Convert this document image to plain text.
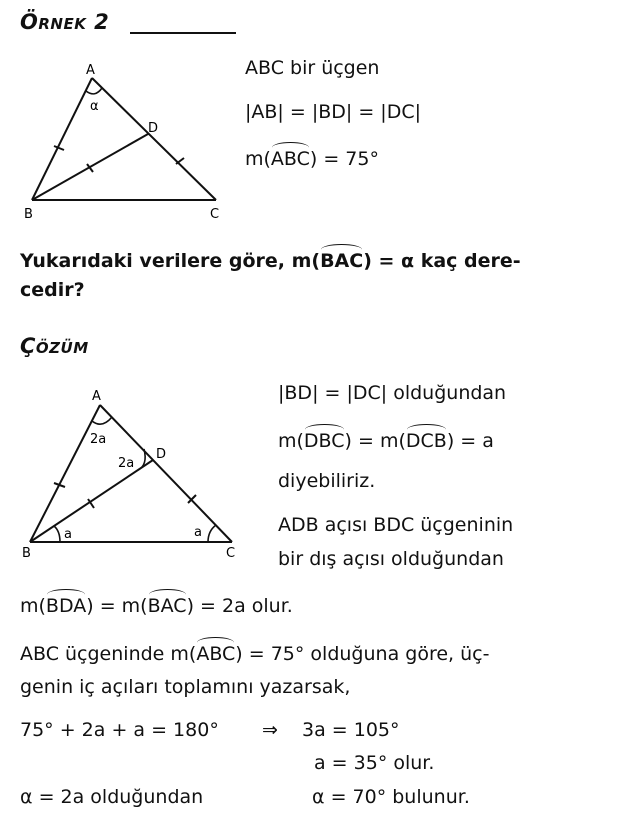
ÖRNEK 2
A
B	C
D
α
ABC bir üçgen
|AB| = |BD| = |DC|
m(ABC) = 75°
Yukarıdaki verilere göre, m(BAC) = α kaç dere-
cedir?
ÇÖZÜM
A
B	C
D
2a
2a
a	a
|BD| = |DC| olduğundan
m(DBC) = m(DCB) = a
diyebiliriz.
ADB açısı BDC üçgeninin
bir dış açısı olduğundan
m(BDA) = m(BAC) = 2a olur.
ABC üçgeninde m(ABC) = 75° olduğuna göre, üç-
genin iç açıları toplamını yazarsak,
75° + 2a + a = 180° ⇒ 3a = 105°
a = 35° olur.
α = 2a olduğundan	α = 70° bulunur.
